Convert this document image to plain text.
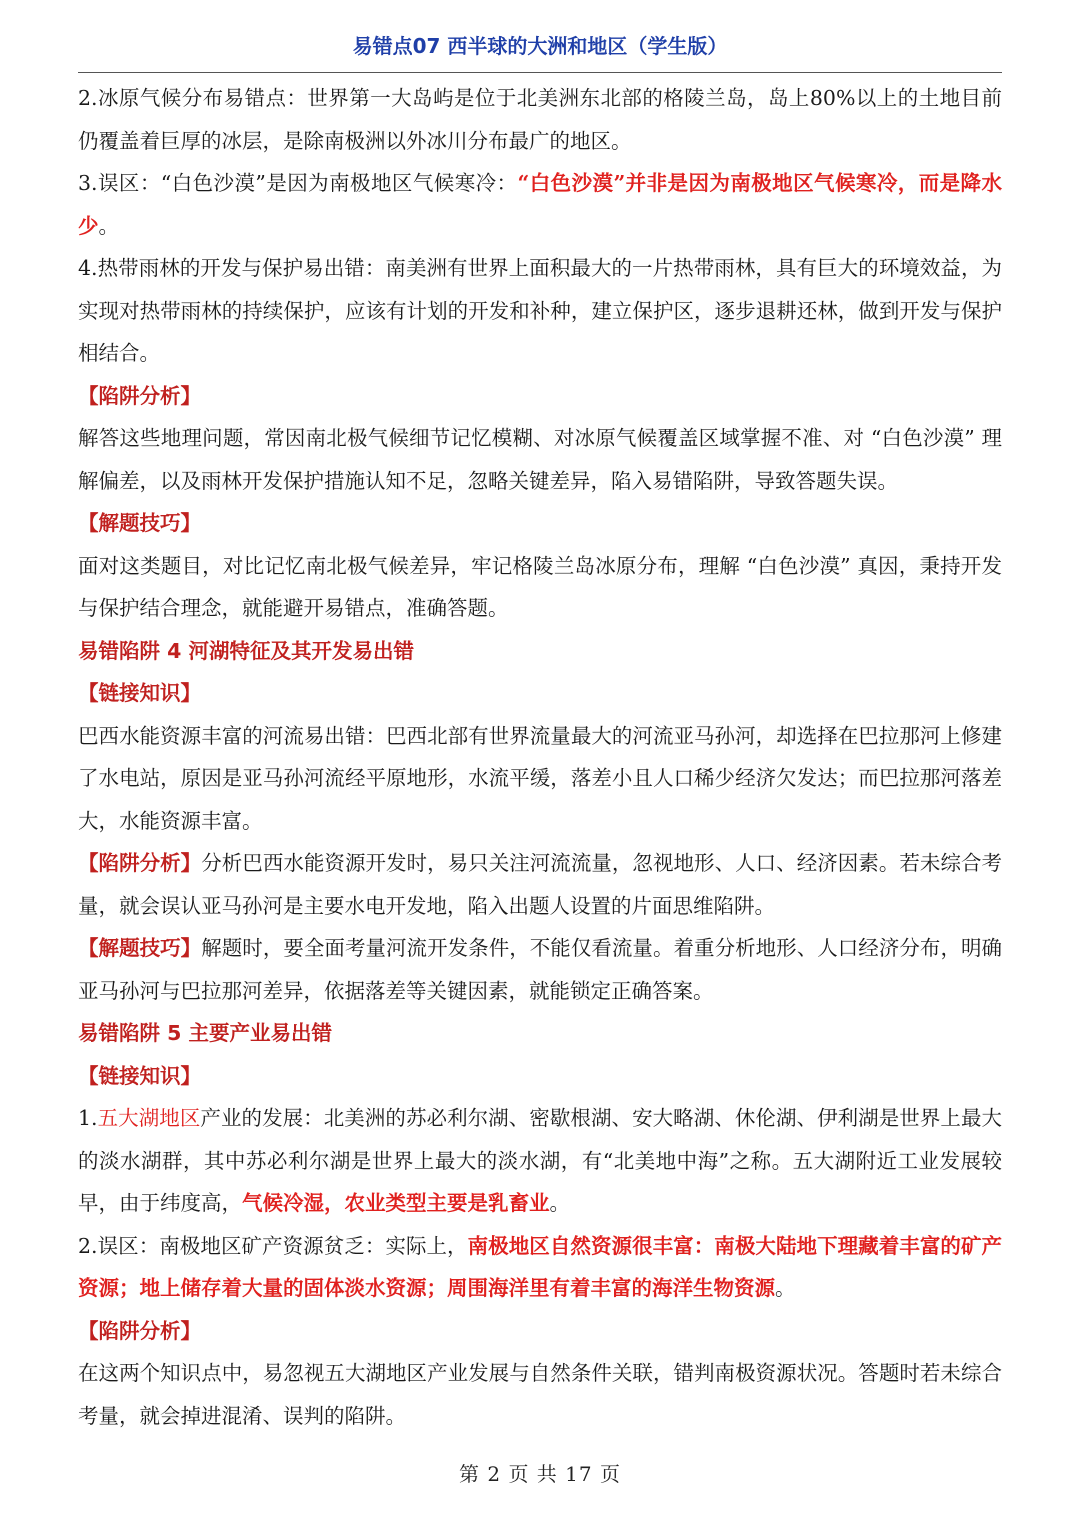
易错点07 西半球的大洲和地区（学生版）

2.冰原气候分布易错点：世界第一大岛屿是位于北美洲东北部的格陵兰岛，岛上80%以上的土地目前仍覆盖着巨厚的冰层，是除南极洲以外冰川分布最广的地区。

3.误区：“白色沙漠”是因为南极地区气候寒冷：“白色沙漠”并非是因为南极地区气候寒冷，而是降水少。

4.热带雨林的开发与保护易出错：南美洲有世界上面积最大的一片热带雨林，具有巨大的环境效益，为实现对热带雨林的持续保护，应该有计划的开发和补种，建立保护区，逐步退耕还林，做到开发与保护相结合。

【陷阱分析】

解答这些地理问题，常因南北极气候细节记忆模糊、对冰原气候覆盖区域掌握不准、对 “白色沙漠” 理解偏差，以及雨林开发保护措施认知不足，忽略关键差异，陷入易错陷阱，导致答题失误。

【解题技巧】

面对这类题目，对比记忆南北极气候差异，牢记格陵兰岛冰原分布，理解 “白色沙漠” 真因，秉持开发与保护结合理念，就能避开易错点，准确答题。

易错陷阱 4 河湖特征及其开发易出错

【链接知识】

巴西水能资源丰富的河流易出错：巴西北部有世界流量最大的河流亚马孙河，却选择在巴拉那河上修建了水电站，原因是亚马孙河流经平原地形，水流平缓，落差小且人口稀少经济欠发达；而巴拉那河落差大，水能资源丰富。

【陷阱分析】分析巴西水能资源开发时，易只关注河流流量，忽视地形、人口、经济因素。若未综合考量，就会误认亚马孙河是主要水电开发地，陷入出题人设置的片面思维陷阱。

【解题技巧】解题时，要全面考量河流开发条件，不能仅看流量。着重分析地形、人口经济分布，明确亚马孙河与巴拉那河差异，依据落差等关键因素，就能锁定正确答案。

易错陷阱 5 主要产业易出错

【链接知识】

1.五大湖地区产业的发展：北美洲的苏必利尔湖、密歇根湖、安大略湖、休伦湖、伊利湖是世界上最大的淡水湖群，其中苏必利尔湖是世界上最大的淡水湖，有“北美地中海”之称。五大湖附近工业发展较早，由于纬度高，气候冷湿，农业类型主要是乳畜业。

2.误区：南极地区矿产资源贫乏：实际上，南极地区自然资源很丰富：南极大陆地下理藏着丰富的矿产资源；地上储存着大量的固体淡水资源；周围海洋里有着丰富的海洋生物资源。

【陷阱分析】

在这两个知识点中，易忽视五大湖地区产业发展与自然条件关联，错判南极资源状况。答题时若未综合考量，就会掉进混淆、误判的陷阱。

第 2 页 共 17 页
